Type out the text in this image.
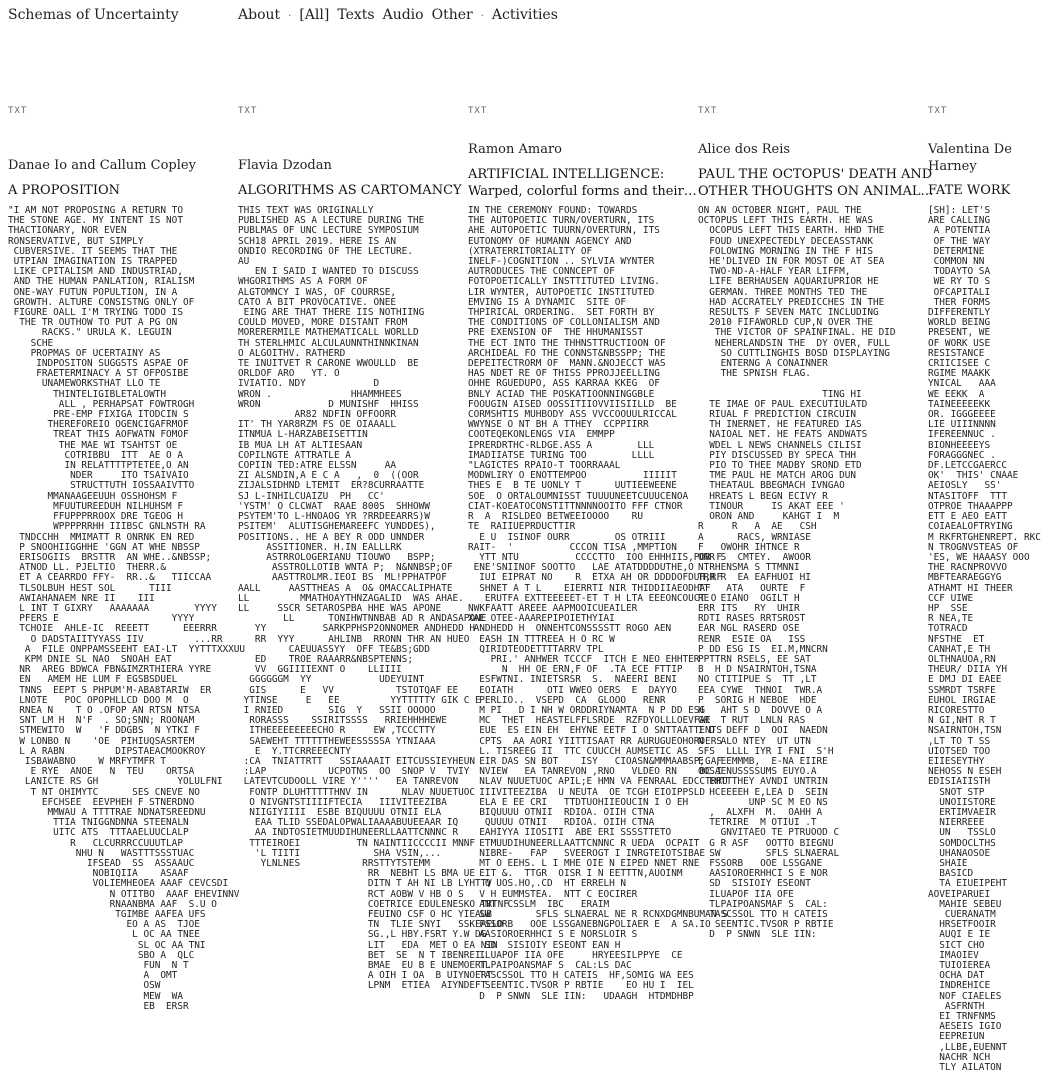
Schemas of Uncertainty	About · [All] Texts Audio Other · Activities
TXT
Danae Io and Callum Copley
A PROPOSITION
"I AM NOT PROPOSING A RETURN TO
THE STONE AGE. MY INTENT IS NOT
THACTIONARY, NOR EVEN
RONSERVATIVE, BUT SIMPLY
CUBVERSIVE. IT SEEMS THAT THE
UTPIAN IMAGINATION IS TRAPPED
LIKE CPITALISM AND INDUSTRIAD,
AND THE HUMAN PANLATION, RIALISM
ONE-WAY FUTUN POPULTION, IN A
GROWTH. ALTURE CONSISTNG ONLY OF
FIGURE OALL I'M TRYING TODO IS
THE TR OUTHOW TO PUT A PG ON
RACKS." URULA K. LEGUIN
SCHE
PROPMAS OF UCERTAINY AS
INDPOSITON SUGGSTS ASPAE OF
FRAETERMINACY A ST OFPOSIBE
UNAMEWORKSTHAT LLO TE
THINTELIGIBLETALOWTH
ALL , PERHAPSAT FOWTROGH
PRE-EMP FIXIGA ITODCIN S
THEREFOREIO OGENCIGAFRMOF
TREAT THIS AOFWATN FOMOF
THE MAE WI TSAHTST OE
COTRIBBU  ITT  AE O A
IN RELATTTTPTETEE,O AN
NDER     ITO TSAIVAIO
STRUCTTUTH IOSSAAIVTTO
MMANAAGEEUUH OSSHOHSM F
MFUUTUREEDUH NILHUHSM F
FFUPPPRROOX DRE TGEOG H
WPPPPRRHH IIIBSC GNLNSTH RA
TNDCCHH  MMIMATT R ONRNK EN RED
P SNOOHIIGGHHE 'GGN AT WHE NBSSP
ERISOGIIS  BRSTTR  AN WHE..&NBSSP;
ATNOD LL. PJELTIO  THERR.&
ET A CEARRDO FFY-  RR..&   TIICCAA
TLSOLBUH HEST SOL      TIII
AWIAHANAEM NRE II    III
L INT T GIXRY   AAAAAAA        YYYY
PFERS E                    YYYY
TCHOIE  AHLE-IC  REEETT      EEERRR
O DADSTAIITYYASS IIV         ...RR
A  FILE ONPPAMSSEEHT EAI-LT  YYTTTXXXUU
KPM DNIE SL NAO  SNOAH EAT
NR  AREG BDWCA FBN&IMZRTHIERA YYRE
EN   AMEM HE LUM F EGSBSDUEL
TNNS  EEPT S PHPUM'M-ABA8TARIW  ER
LNOTE   POC OPOPHLLCD DOO M  O
RNEA N    T O .OFOP AN RTSN NTSA
SNT LM H  N'F  . SO;SNN; ROONAM
STMEWITO  W   'F DDGBS  N YTKI F
W LONBO N    'OE  PIHIUQSASRTEM
L A RABN         DIPSTAEACMOOKROY
ISBAWABNO    W MRFYTMFR T
E RYE  ANOE   N  TEU    ORTSA
LANICTE RS GH              YOLULFNI
T NT OHIMYTC      SES CNEVE NO
EFCHSEE  EEVPHEH F STNERDNO
MMWAU A TTTTRAE NDNATSREEDNU
TTIA TNIGGNDNNA STEENALN
UITC ATS  TTTAAELUUCLALP
R   CLCURRRCCUUUTLAP
NHU N   WASTTTSSSTUAC
IFSEAD  SS  ASSAAUC
NOBIQIIA    ASAAF
VOLIEMHEOEA AAAF CEVCSDI
N OTITBO  AAAF EHEVINNV
RNAANBMA AAF  S.U O
TGIMBE AAFEA UFS
EO A AS  TJOE
L OC AA TNEE
SL OC AA TNI
SBO A  QLC
FUN  N T
A  OMT
OSW
MEW  WA
EB  ERSR
TXT
Flavia Dzodan
ALGORITHMS AS CARTOMANCY
THIS TEXT WAS ORIGINALLY
PUBLISHED AS A LECTURE DURING THE
PUBLMAS OF UNC LECTURE SYMPOSIUM
SCH18 APRIL 2019. HERE IS AN
ONDIO RECORDING OF THE LECTURE.
AU
EN I SAID I WANTED TO DISCUSS
WHGORITHMS AS A FORM OF
ALGTOMNCY I WAS, OF COURRSE,
CATO A BIT PROVOCATIVE. ONEE
EING ARE THAT THERE IIS NOTHIING
COULD MOVED, MORE DISTANT FROM
MORERERMILE MATHEMATICALL WORLLD
TH STERLHMIC ALCULAUNNTHINNKINAN
O ALGOITHV. RATHERD
TE INUITVET R CARONE WWOULLD  BE
ORLDOF ARO   YT. O
IVIATIO. NDY            D
WRON .              HHAMMHEES
WRON            D MUNISHF  HHISS
AR82 NDFIN OFFOORR
IT' TH YAR8RZM FS OE OIAAALL
ITNMUA L-HARZABEISETTIN
IB MUA LH AT ALTIESAAN
COPILNGTE ATTRATLE A
COPIIN TED:ATRE ELSSN     AA
ZI ALSNDIN,A E C A   ,  0  ((OOR
ZIJALSIDHND LTEMIT  ER?8CURRAATTE
SJ L-INHILCUAIZU  PH   CC'
'YSTM' O CLCWAT  RAAE 800S  SHHOWW
PSYTEM'TO L-HNOAOG YR ?RRDEEARRS)W
PSITEM'  ALUTISGHEMAREEFC YUNDDES),
POSITIONS.. HE A BEY R ODD UNNDER
ASSITIONER. H.IN EALLLRK
ASTRROLOGERIANU TIOUWO   BSPP;
ASSTROLLOTIB WNTA P;  N&NNBSP;OF
AASTTROLMR.IEOI BS  ML!PPHATPOF
AALL     AASTTHEAS A  O& OMACCALIPHATE
LL         MMATHOAYTHNZAGALID  WAS AHAE.
LL     SSCR SETAROSPBA HHE WAS APONE
LL      TONIHWTNNBAB AD R ANDASAPONE
YY          SARKPPHSP2ONNOMER ANDHEDD H
RR  YYY      AHLINB  RRONN THR AN HUEO
CAEUUASSYY  OFF TE&BS;GDD
ED    TROE RAAARR&NBSPTENNS;
VV  GGIIIIEXNT O    LLIIII
GGGGGGM  YY            UDEYUINT
GIS      E   VV           TSTOTQAF EE
YTINSE     E   EE         YYTTTTTY GIK C E
I RNIED        SIG  Y   SSII OOOOO
RORASSS    SSIRITSSSS   RRIEHHHHEWE
ITHEEEEEEEEECHO R     EW ,TCCCTTY
SAEWEHT TTTTTTHEWEESSSSSA YTNIAAA
E  Y.TTCRREEECNTY
:CA  TNIATTRTT   SSIAAAAIT EITCUSSIEYHEUN
:LAP           UCPOTNS  OO  SNOP V  TVIY
LATEVTCUDOOLL VIRE Y''''   EA TANREVON
FONTP DLUHTTTTTHNV IN      NLAV NUUETUOC
O NIVGNTSTIIIIFTECIA   IIIVITEEZIBA
NIIGIYIIII  ESBE BIQUUUU OTNII ELA
EAA TLID SSEDALOPWALIAAAABUUEEAAR IQ
AA INDTOSIETMUUDIHUNEERLLAATTCNNNC R
TTTEIROEI          TN NAINTIICCCCII MNNF
'L TIITI             SHA VSIN,...
YLNLNES           RRSTTYTSTEMM
RR  NEBHT LS BMA UE
DITN T AH NI LB LYHTTV
RCT AOBW V HB O S
COETRICE EDULENESKO TRTNF
FEUINO CSF O HC YIEAUB
TN  TLIE SNYI   SSKEAELD
SG.,L HBY.FSRT Y.W DG
LIT   EDA  MET O EA NIN
BET  SE  N T IBENREI.
BMAE  EU B E UNEMOERT.
A OIH I OA  B UIYNOERT
LPNM  ETIEA  AIYNDEFT
TXT
Ramon Amaro
ARTIFICIAL INTELLIGENCE:
Warped, colorful forms and their…
IN THE CEREMONY FOUND: TOWARDS
THE AUTOPOETIC TURN/OVERTURN, ITS
AHE AUTOPOETIC TUURN/OVERTURN, ITS
EUTONOMY OF HUMANN AGENCY AND
(XTRATERRITORIALITY OF
INELF-)COGNITION .. SYLVIA WYNTER
AUTRODUCES THE CONNCEPT OF
FOTOPOETICALLY INSTTITUTED LIVING.
LIR WYNTER, AUTOPOETIC INSTITUTED
EMVING IS A DYNAMIC  SITE OF
THPIRICAL ORDERING.  SET FORTH BY
THE CONDITIONS OF COLLONIALISM AND
PRE EXENSION OF  THE HHUMANISST
THE ECT INTO THE THHNSTTRUCTIOON OF
ARCHIDEAL FO THE CONNST&NBSSPP; THE
DEPEITECTRORM OF  MANN.&NOJECCT WAS
HAS NDET RE OF THISS PPROJJEELLING
OHHE RGUEDUPO, ASS KARRAA KKEG  OF
BNLY ACIAD THE POSKATIOONNINGGBLE
FOOUGIN AISED OOSSITIIOVVIISIILLD  BE
CORMSHTIS MUHBODY ASS VVCCOOUULRICCAL
WWYNSE O NT BH A TTHEY  CCPPIIRR
COOTEQEKONLENGS VIA  EMMPP
IPRERDRTHC-RLDGE.ASS A        LLL
IMADIIATSE TURING TOO        LLLL
"LAGICTES RPAIO-T TOORRAAAL
MODWLIRY O ENOTTEMPOO          IIIIIT
THES E  B TE UONLY T      UUTIEEWEENE
SOE  O ORTALOUMNISST TUUUUNEETCUUUCENOA
CIAT-KOEATOCONSTITTNNNNOOITO FFF CTNOR
R  A  RISLDEO BETWEEIOOOO    RU
TE  RAIIUEPRDUCTTIR
E U  ISINOF OURR        OS OTRIII
RAIT-  '          CCCON TISA ,MMPTION
YTT NTU          CCCCTTO  IOO EHHHIIS,POR F
ENE'SNIINOF SOOTTO   LAE ATATDDDDUTHE,O
IUI EIPRAT NO    R  ETXA AH OR DDDDOFDUH,RF
SHNET A T L    EIERRTI NIR THIDDIIAEODHAF
ERUTFA EXTTEEEEET-ET T H LTA EEEONCOUCT O
NWKFAATT AREEE AAPMOOICUEAILER
XAE OTEE-AAAREPIPOIETHYIAI
ANDHEDD H  ONNEHTCONSSSSTT ROGO AEN
EASH IN TTTREEA H O RC W
QIRIDTEODETTTTARRV TPL
PRI.' ANHWER TCCCF  ITCH E NEO EHHTER
N  HH OE ERN,F OF  .TA ECE FTTIP
ESFWTNI. INIETSRSR  S.  NAEERI BENI
EOIATH      OTI WWEO OERS  E  DAYYO
PERLIO..  VSEPD  CA  GLOOO   RENR
M PI   D I NH W ORDDRIYNAMTA  N P DD ESG
MC  THET  HEASTELFFLSRDE  RZFDYOLLLOEVFAE
EUE  ES EIN EH  EHYNE EETF I O SNTTAATTENTS
CPTS  AA AORI YIITTISAAT RR AURUGUEOHOROERS
L. TISREEG II  TTC CUUCCH AUMSETIC AS
EIR DAS SN BOT    ISY   CIOASN&MMMAABSP;GAF
NVIEW   EA TANREVON ,RNO   VLDEO RN    BC I
NLAV NUUETUOC APIL;E HMN VA FENRAAL EDCCTRRU
IIIVITEEZIBA  U NEUTA  OE TCGH EIOIPPSLD
ELA E EE CRI   TTDTUOHIIEOUCIN I O EH
BIQUUUU OTNII  RDIOA. OIIH CTNA
QUUUU OTNII   RDIOA. OIIH CTNA
EAHIYYA IIOSITI  ABE ERI SSSSTTETO
ETMUUDIHUNEERLLAATTCNNNC R UEDA  OCPAIT
NIBRE-   FAP   SVEEROGT I INRGTEIOTSIBAE
MT O EEHS. L I MHE OIE N EIPED NNET RNE
EIT &.  TTGR  OISR I N EETTTN,AUOINM
Q UOS.HO,.CD  HT ERRELH N
V H EUMMSTEA.  NTT C EOCIRER
ANT  CSSLM  IBC   ERAIM
SW        SFLS SLNAERAL NE R RCNXDGMNBUMAN S
FSSORB   OOE LSSGANEBNGPOLIAER E  A SA.IO
AASIOROERHHCI S E NORSLOIR S
SD  SISIOIY ESEONT EAN H
ILUAPOF IIA OFE     HRYEESILPPYE  CE
TLPAIPOANSMAF S  CAL:LS DAC
TASCSSOL TTO H CATEIS  HF,SOMIG WA EES
SEENTIC.TVSOR P RBTIE    EO HU I  IEL
D  P SNWN  SLE IIN:   UDAAGH  HTDMDHBP
TXT
Alice dos Reis
PAUL THE OCTOPUS' DEATH AND
OTHER THOUGHTS ON ANIMAL…
ON AN OCTOBER NIGHT, PAUL THE
OCTOPUS LEFT THIS EARTH. HE WAS
OCOPUS LEFT THIS EARTH. HHD THE
FOUD UNEXPECTEDLY DECEASSTANK
FOLOWING MORNING IN THE F HIS
HE'DLIVED IN FOR MOST OE AT SEA
TWO-ND-A-HALF YEAR LIFFM,
LIFE BERHAUSEN AQUARIUPRIOR HE
GERMAN. THREE MONTHS TED THE
HAD ACCRATELY PREDICCHES IN THE
RESULTS F SEVEN MATC INCLUDING
2010 FIFAWORLD CUP,N OVER THE
THE VICTOR OF SPAINFINAL. HE DID
NEHERLANDSIN THE  DY OVER, FULL
SO CUTTLINGHIS BOSD DISPLAYING
ENTERNG A CONAINNER
THE SPNISH FLAG.

TING HI
TE IMAE OF PAUL EXECUTIULATD
RIUAL F PREDICTION CIRCUIN
TH INERNET. HE FEATURED IAS
NAIOAL NET. HE FEATS ANDWATS
WDEL L NEWS CHANNELS CILISI
PIY DISCUSSED BY SPECA THH
PIO TO THEE MADBY SROND ETD
TME PAUL HE MATCH AROG DUN
THEATAUL BBEGMACH IVNGAO
HREATS L BEGN ECIVY R
TINOUR     IS AKAT EEE '
ORON AND     KAHGT I  M
R     R   A  AE   CSH
A      RACS, WRNIASE
F   OWOHR IHTNCE R
ONR S  CMTEY.  AWOOR
NTRHENSMA S TTMNNI
TRR R  EA EAFHUOI HI
TT   ATA   OURTE  F
RE  EIANO  OGILT H
ERR ITS   RY  UHIR
RDTI RASES RRTSROST
EAR NGL RASERD OSE
RENR  ESIE OA   ISS
P DD ESG IS  EI.M,MNCRN
PPTTRN RSELS, EE SAT
B  H D NSAIRNTOH,TSNA
NO CTITIPUE S  TT ,LT
EEA CYWE  THNOI  TWR.A
P  SORIG H NEBOE  HDE
H   AHT S D  DOVVE O A
GR  T RUT  LNLN RAS
I D  DEFF D  OOI  NAEDN
N   ALO NTEY  UT UTN
SFS  LLLL IYR I FNI  S'H
E  ,EEMMMB,  E-NA EIIRE
OOSAENUSSSSUMS EUYO.A
EHTTTHEY AVNDI UNTRIN
HCEEEEH E,LEA D  SEIN
UNP SC M EO NS
,  ALXFH  M.  OAHH A
TETRIRE  M OTIUI .T
GNVITAEO TE PTRUOOD C
G R ASF   OOTTO BIEGNU
SW        SFLS SLNAERAL
FSSORB   OOE LSSGANE
AASIOROERHHCI S E NOR
SD  SISIOIY ESEONT
ILUAPOF IIA OFE
TLPAIPOANSMAF S  CAL:
TASCSSOL TTO H CATEIS
SEENTIC.TVSOR P RBTIE
D  P SNWN  SLE IIN:
TXT
Valentina De
Harney
FATE WORK
[SH]: LET'S
ARE CALLING
A POTENTIA
OF THE WAY
DETERMINE
COMMON NN
TODAYTO SA
WE RY TO S
OFCAPITALI
THER FORMS
DIFFERENTLY
WORLD BEING
PRESENT, WE
OF WORK USE
RESISTANCE
CRIICISEE C
RGIME MAAKK
YNICAL   AAA
WE EEKK  A
TAINEEEEEKK
OR. IGGGEEEE
LIE UIIINNNN
IFEREENNUC .
BIONHEEEEYS
FORAGGGNEC .
DF.LETCCGAERCC
OK'  THIS' CNAAE
AEIOSLY   SS'
NTASITOFF  TTT
OTPROE THAAAPPP
ETT E AEO EATT
COIAEALOFTRYING
M RKFRTGHENREPT. RKC
N TROGNVSTEAS OF
'ES, WE HAAASY OOO
THE RACNPROVVO
MBFTEARAEGGYG
ATHAMT HI THEER
CCF UIWE
HP  SSE
R NEA,TE
TOTRACD
NFSTHE  ET
CANHAT,E TH
OLTHNAUOA,RN
THEUR/ DIIA YH
E DMJ DI EAEE
SSMRDT TSRFE
EUHOL IRGIAE
RICORESTTO
N GI,NHT R T
NSAIRNTOH,TSN
,LT TO T SS
UIOTSED TOO
EIIESEYTHY
NEHOSS N ESEH
EDISIAIISTH
SNOT STP
UNOIISTORE
ERTIMVAEIR
NIERREEE
UN   TSSLO
SOMDOCLTHS
UHANAOSOE
SHAIE
BASICD
TA EIUEIPEHT
AOVEIPARUEI
MAHIE SEBEU
CUERANATM
HRSETFOOIR
AUQI E IE
SICT CHO
IMAOIEV
TUIOIEREA
OCHA DAT
INDREHICE
NOF CIAELES
ASFRNTH
EI TRNFNMS
AESEIS IGIO
EEPREIUN
,LLBE,EUENNT
NACHR NCH
TLY AILATON
